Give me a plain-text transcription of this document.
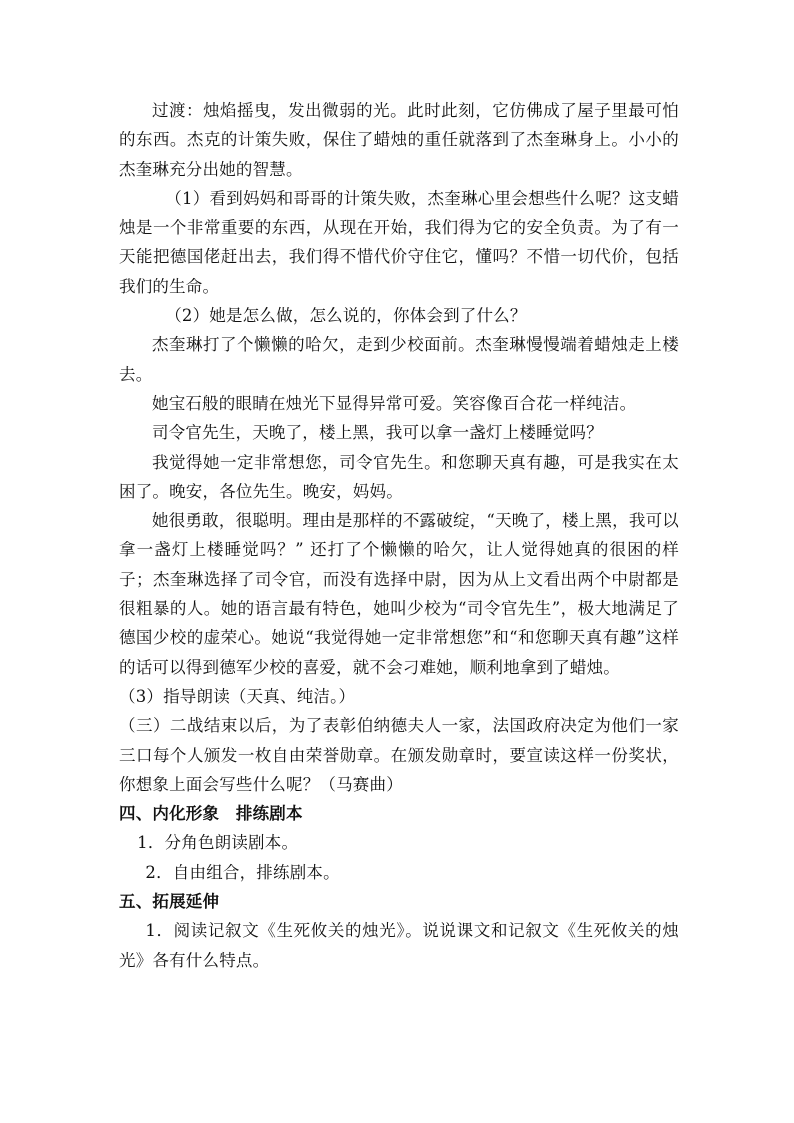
过渡：烛焰摇曳，发出微弱的光。此时此刻，它仿佛成了屋子里最可怕的东西。杰克的计策失败，保住了蜡烛的重任就落到了杰奎琳身上。小小的杰奎琳充分出她的智慧。

（1）看到妈妈和哥哥的计策失败，杰奎琳心里会想些什么呢？这支蜡烛是一个非常重要的东西，从现在开始，我们得为它的安全负责。为了有一天能把德国佬赶出去，我们得不惜代价守住它，懂吗？不惜一切代价，包括我们的生命。

（2）她是怎么做，怎么说的，你体会到了什么？

杰奎琳打了个懒懒的哈欠，走到少校面前。杰奎琳慢慢端着蜡烛走上楼去。

她宝石般的眼睛在烛光下显得异常可爱。笑容像百合花一样纯洁。

司令官先生，天晚了，楼上黑，我可以拿一盏灯上楼睡觉吗？

我觉得她一定非常想您，司令官先生。和您聊天真有趣，可是我实在太困了。晚安，各位先生。晚安，妈妈。

她很勇敢，很聪明。理由是那样的不露破绽，“天晚了，楼上黑，我可以拿一盏灯上楼睡觉吗？” 还打了个懒懒的哈欠，让人觉得她真的很困的样子；杰奎琳选择了司令官，而没有选择中尉，因为从上文看出两个中尉都是很粗暴的人。她的语言最有特色，她叫少校为“司令官先生”，极大地满足了德国少校的虚荣心。她说“我觉得她一定非常想您”和“和您聊天真有趣”这样的话可以得到德军少校的喜爱，就不会刁难她，顺利地拿到了蜡烛。

（3）指导朗读（天真、纯洁。）

（三）二战结束以后，为了表彰伯纳德夫人一家，法国政府决定为他们一家三口每个人颁发一枚自由荣誉勋章。在颁发勋章时，要宣读这样一份奖状，你想象上面会写些什么呢？（马赛曲）

四、内化形象　排练剧本

1．分角色朗读剧本。

2．自由组合，排练剧本。

五、拓展延伸

1．阅读记叙文《生死攸关的烛光》。说说课文和记叙文《生死攸关的烛光》各有什么特点。
